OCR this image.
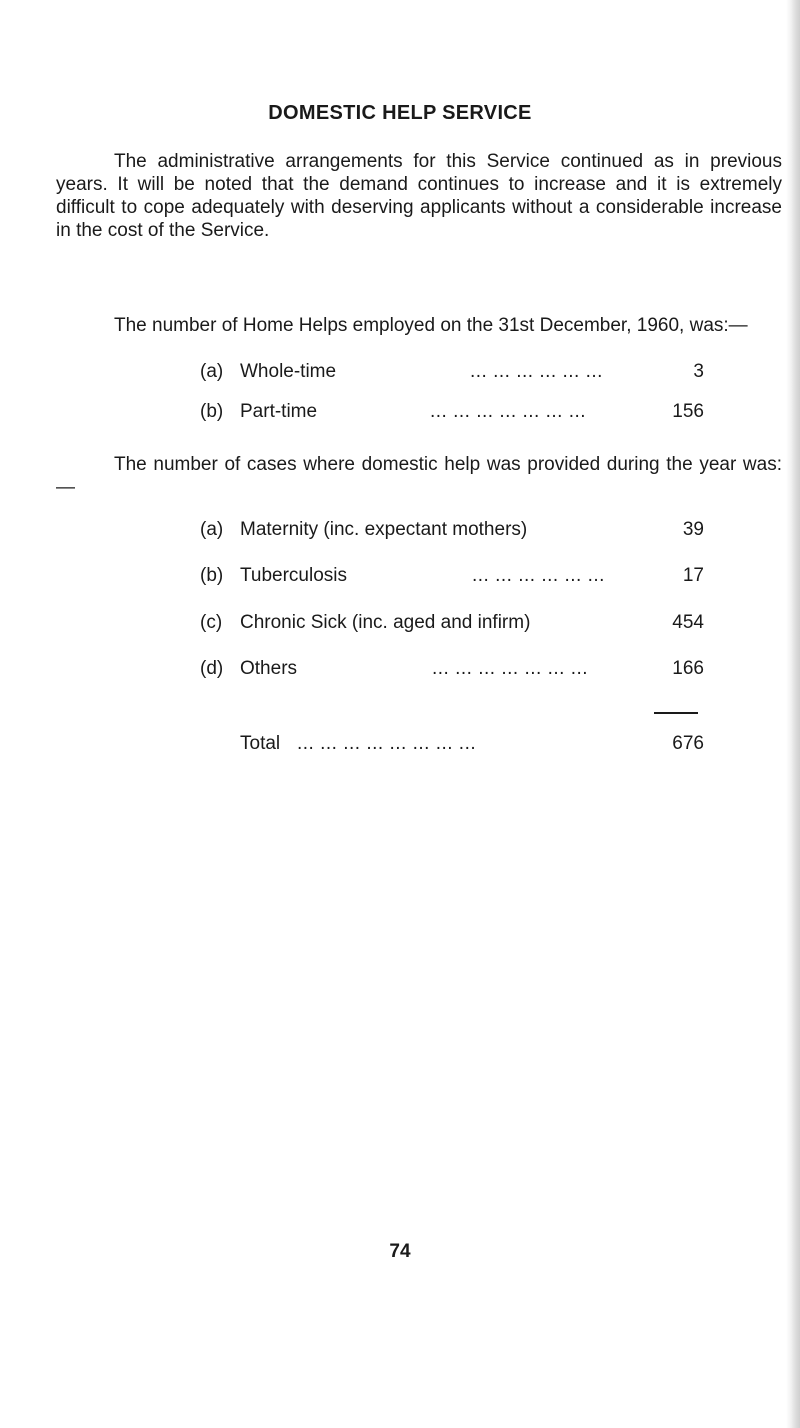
DOMESTIC HELP SERVICE

The administrative arrangements for this Service continued as in previous years. It will be noted that the demand continues to increase and it is extremely difficult to cope adequately with deserving applicants without a considerable increase in the cost of the Service.

The number of Home Helps employed on the 31st December, 1960, was:—

(a) Whole-time	... ... ... ... ... ...	3
(b) Part-time	... ... ... ... ... ... ...	156

The number of cases where domestic help was provided during the year was:—

(a) Maternity (inc. expectant mothers)	39
(b) Tuberculosis	... ... ... ... ... ...	17
(c) Chronic Sick (inc. aged and infirm)	454
(d) Others	... ... ... ... ... ... ...	166
Total ... ... ... ... ... ... ... ...	676

74
